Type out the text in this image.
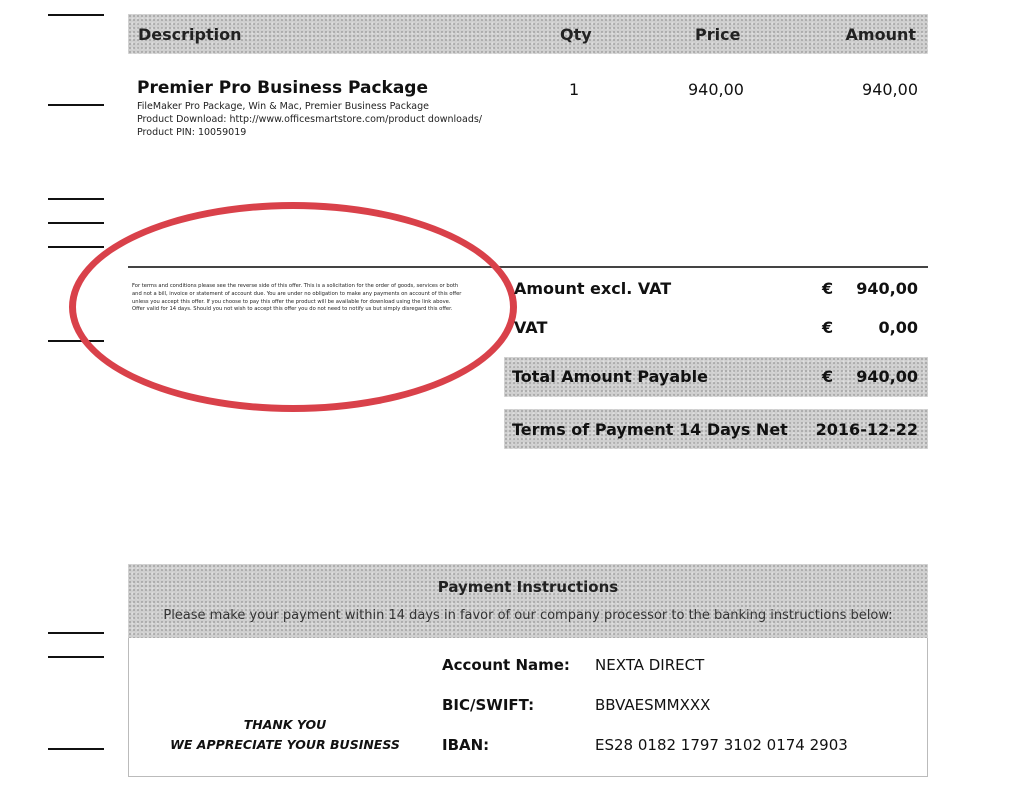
Description	Qty	Price	Amount
Premier Pro Business Package
FileMaker Pro Package, Win & Mac, Premier Business Package
Product Download: http://www.officesmartstore.com/product downloads/
Product PIN: 10059019
1	940,00	940,00
For terms and conditions please see the reverse side of this offer. This is a solicitation for the order of goods, services or both and not a bill, invoice or statement of account due. You are under no obligation to make any payments on account of this offer unless you accept this offer. If you choose to pay this offer the product will be available for download using the link above. Offer valid for 14 days. Should you not wish to accept this offer you do not need to notify us but simply disregard this offer.
Amount excl. VAT	€ 940,00
VAT	€	0,00
Total Amount Payable	€ 940,00
Terms of Payment 14 Days Net 2016-12-22
Payment Instructions
Please make your payment within 14 days in favor of our company processor to the banking instructions below:
THANK YOU
WE APPRECIATE YOUR BUSINESS
Account Name: NEXTA DIRECT
BIC/SWIFT:	BBVAESMMXXX
IBAN:	ES28 0182 1797 3102 0174 2903
